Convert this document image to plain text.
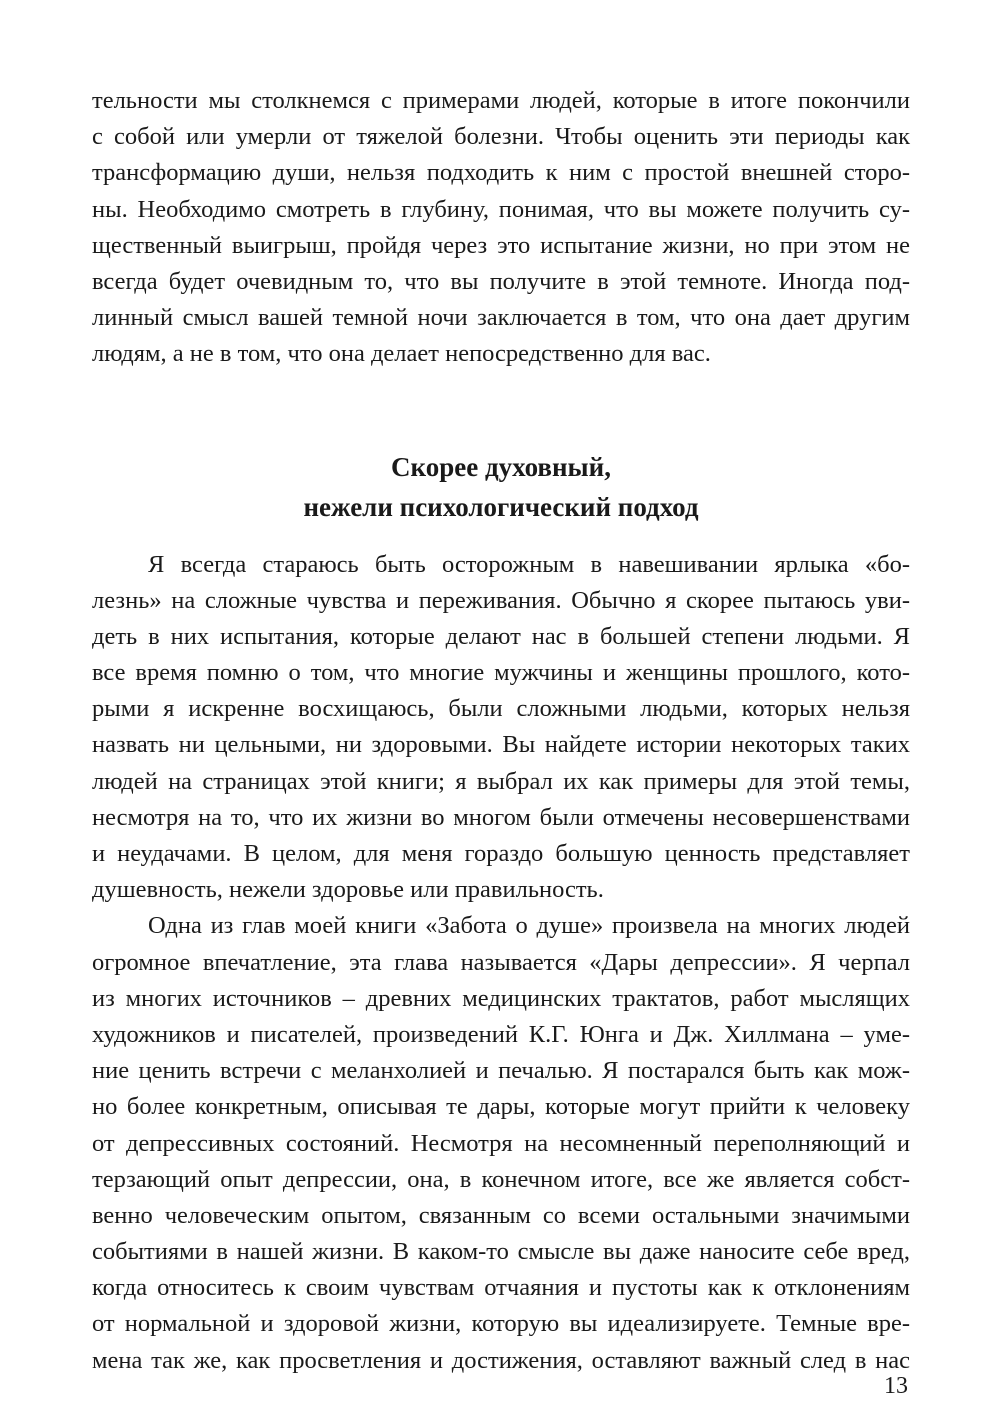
тельности мы столкнемся с примерами людей, которые в итоге покончили
с собой или умерли от тяжелой болезни. Чтобы оценить эти периоды как
трансформацию души, нельзя подходить к ним с простой внешней сторо-
ны. Необходимо смотреть в глубину, понимая, что вы можете получить су-
щественный выигрыш, пройдя через это испытание жизни, но при этом не
всегда будет очевидным то, что вы получите в этой темноте. Иногда под-
линный смысл вашей темной ночи заключается в том, что она дает другим
людям, а не в том, что она делает непосредственно для вас.
Скорее духовный,
нежели психологический подход
Я всегда стараюсь быть осторожным в навешивании ярлыка «бо-
лезнь» на сложные чувства и переживания. Обычно я скорее пытаюсь уви-
деть в них испытания, которые делают нас в большей степени людьми. Я
все время помню о том, что многие мужчины и женщины прошлого, кото-
рыми я искренне восхищаюсь, были сложными людьми, которых нельзя
назвать ни цельными, ни здоровыми. Вы найдете истории некоторых таких
людей на страницах этой книги; я выбрал их как примеры для этой темы,
несмотря на то, что их жизни во многом были отмечены несовершенствами
и неудачами. В целом, для меня гораздо большую ценность представляет
душевность, нежели здоровье или правильность.
Одна из глав моей книги «Забота о душе» произвела на многих людей
огромное впечатление, эта глава называется «Дары депрессии». Я черпал
из многих источников – древних медицинских трактатов, работ мыслящих
художников и писателей, произведений К.Г. Юнга и Дж. Хиллмана – уме-
ние ценить встречи с меланхолией и печалью. Я постарался быть как мож-
но более конкретным, описывая те дары, которые могут прийти к человеку
от депрессивных состояний. Несмотря на несомненный переполняющий и
терзающий опыт депрессии, она, в конечном итоге, все же является собст-
венно человеческим опытом, связанным со всеми остальными значимыми
событиями в нашей жизни. В каком-то смысле вы даже наносите себе вред,
когда относитесь к своим чувствам отчаяния и пустоты как к отклонениям
от нормальной и здоровой жизни, которую вы идеализируете. Темные вре-
мена так же, как просветления и достижения, оставляют важный след в нас
13
